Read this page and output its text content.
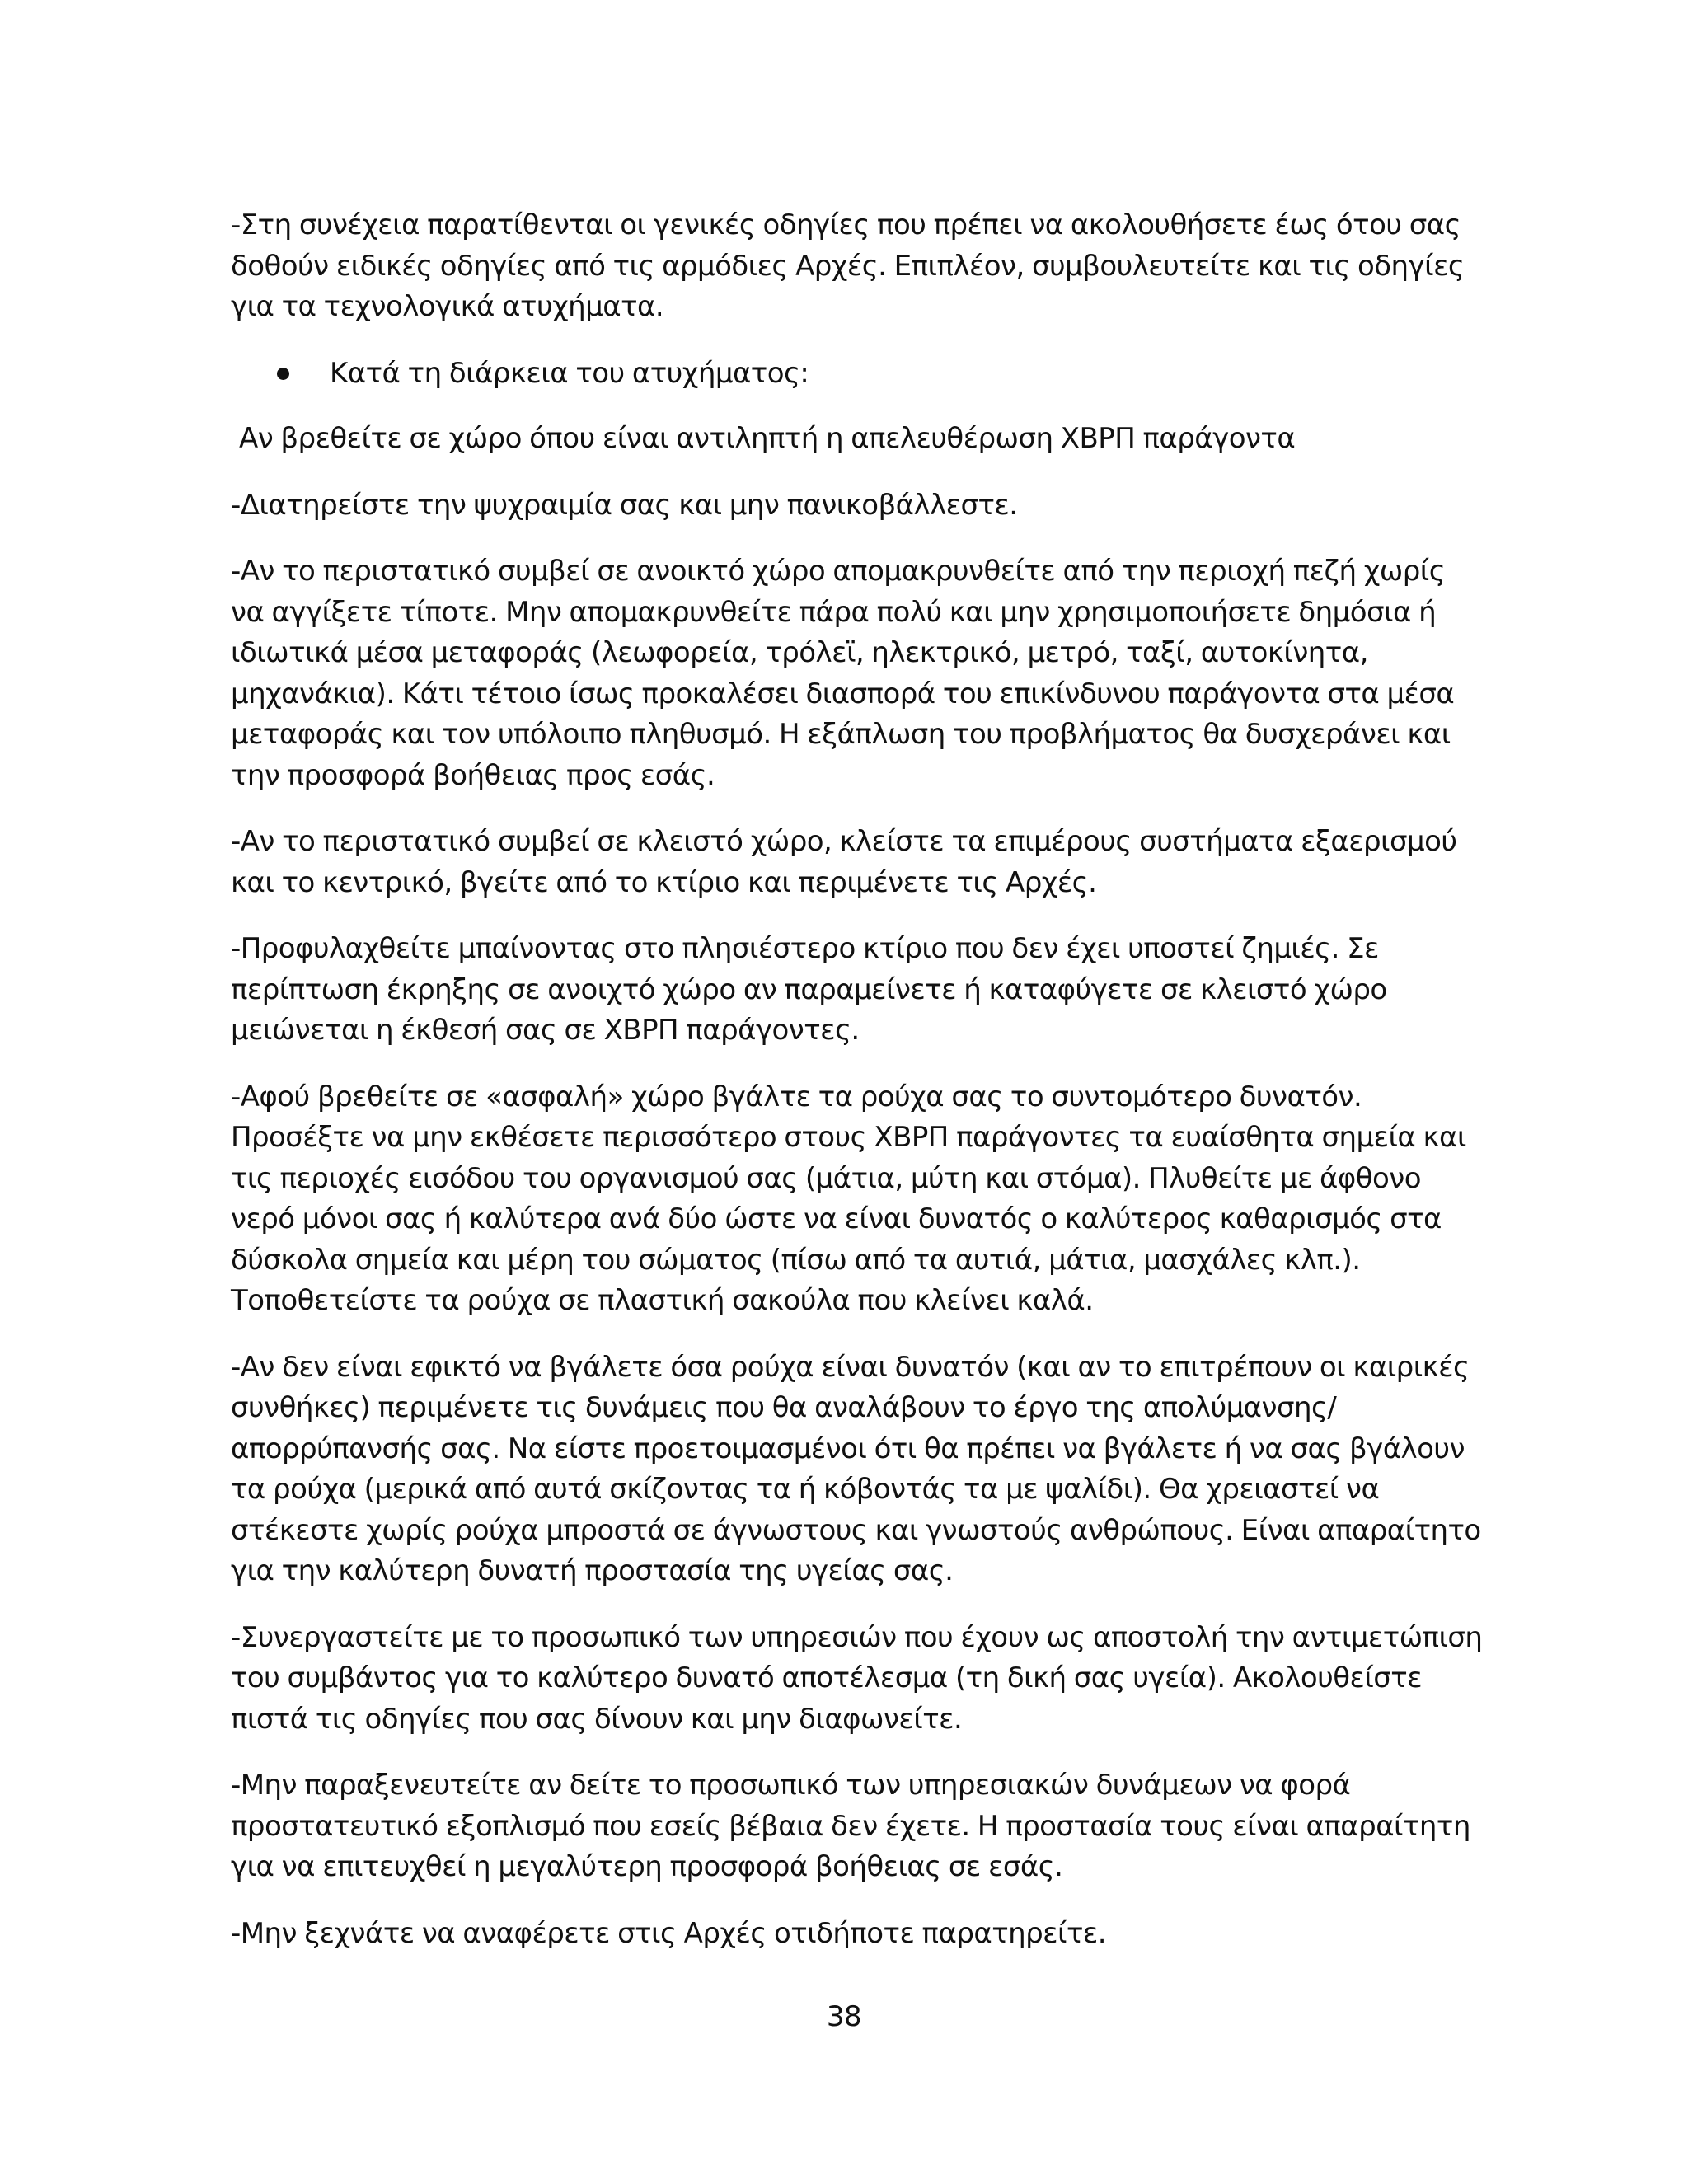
-Στη συνέχεια παρατίθενται οι γενικές οδηγίες που πρέπει να ακολουθήσετε έως ότου σας δοθούν ειδικές οδηγίες από τις αρμόδιες Αρχές. Επιπλέον, συμβουλευτείτε και τις οδηγίες για τα τεχνολογικά ατυχήματα.

Κατά τη διάρκεια του ατυχήματος:

Αν βρεθείτε σε χώρο όπου είναι αντιληπτή η απελευθέρωση ΧΒΡΠ παράγοντα

-Διατηρείστε την ψυχραιμία σας και μην πανικοβάλλεστε.

-Αν το περιστατικό συμβεί σε ανοικτό χώρο απομακρυνθείτε από την περιοχή πεζή χωρίς να αγγίξετε τίποτε. Μην απομακρυνθείτε πάρα πολύ και μην χρησιμοποιήσετε δημόσια ή ιδιωτικά μέσα μεταφοράς (λεωφορεία, τρόλεϊ, ηλεκτρικό, μετρό, ταξί, αυτοκίνητα, μηχανάκια). Κάτι τέτοιο ίσως προκαλέσει διασπορά του επικίνδυνου παράγοντα στα μέσα μεταφοράς και τον υπόλοιπο πληθυσμό. Η εξάπλωση του προβλήματος θα δυσχεράνει και την προσφορά βοήθειας προς εσάς.

-Αν το περιστατικό συμβεί σε κλειστό χώρο, κλείστε τα επιμέρους συστήματα εξαερισμού και το κεντρικό, βγείτε από το κτίριο και περιμένετε τις Αρχές.

-Προφυλαχθείτε μπαίνοντας στο πλησιέστερο κτίριο που δεν έχει υποστεί ζημιές. Σε περίπτωση έκρηξης σε ανοιχτό χώρο αν παραμείνετε ή καταφύγετε σε κλειστό χώρο μειώνεται η έκθεσή σας σε ΧΒΡΠ παράγοντες.

-Αφού βρεθείτε σε «ασφαλή» χώρο βγάλτε τα ρούχα σας το συντομότερο δυνατόν. Προσέξτε να μην εκθέσετε περισσότερο στους ΧΒΡΠ παράγοντες τα ευαίσθητα σημεία και τις περιοχές εισόδου του οργανισμού σας (μάτια, μύτη και στόμα). Πλυθείτε με άφθονο νερό μόνοι σας ή καλύτερα ανά δύο ώστε να είναι δυνατός ο καλύτερος καθαρισμός στα δύσκολα σημεία και μέρη του σώματος (πίσω από τα αυτιά, μάτια, μασχάλες κλπ.). Τοποθετείστε τα ρούχα σε πλαστική σακούλα που κλείνει καλά.

-Αν δεν είναι εφικτό να βγάλετε όσα ρούχα είναι δυνατόν (και αν το επιτρέπουν οι καιρικές συνθήκες) περιμένετε τις δυνάμεις που θα αναλάβουν το έργο της απολύμανσης/απορρύπανσής σας. Να είστε προετοιμασμένοι ότι θα πρέπει να βγάλετε ή να σας βγάλουν τα ρούχα (μερικά από αυτά σκίζοντας τα ή κόβοντάς τα με ψαλίδι). Θα χρειαστεί να στέκεστε χωρίς ρούχα μπροστά σε άγνωστους και γνωστούς ανθρώπους. Είναι απαραίτητο για την καλύτερη δυνατή προστασία της υγείας σας.

-Συνεργαστείτε με το προσωπικό των υπηρεσιών που έχουν ως αποστολή την αντιμετώπιση του συμβάντος για το καλύτερο δυνατό αποτέλεσμα (τη δική σας υγεία). Ακολουθείστε πιστά τις οδηγίες που σας δίνουν και μην διαφωνείτε.

-Μην παραξενευτείτε αν δείτε το προσωπικό των υπηρεσιακών δυνάμεων να φορά προστατευτικό εξοπλισμό που εσείς βέβαια δεν έχετε. Η προστασία τους είναι απαραίτητη για να επιτευχθεί η μεγαλύτερη προσφορά βοήθειας σε εσάς.

-Μην ξεχνάτε να αναφέρετε στις Αρχές οτιδήποτε παρατηρείτε.

38
